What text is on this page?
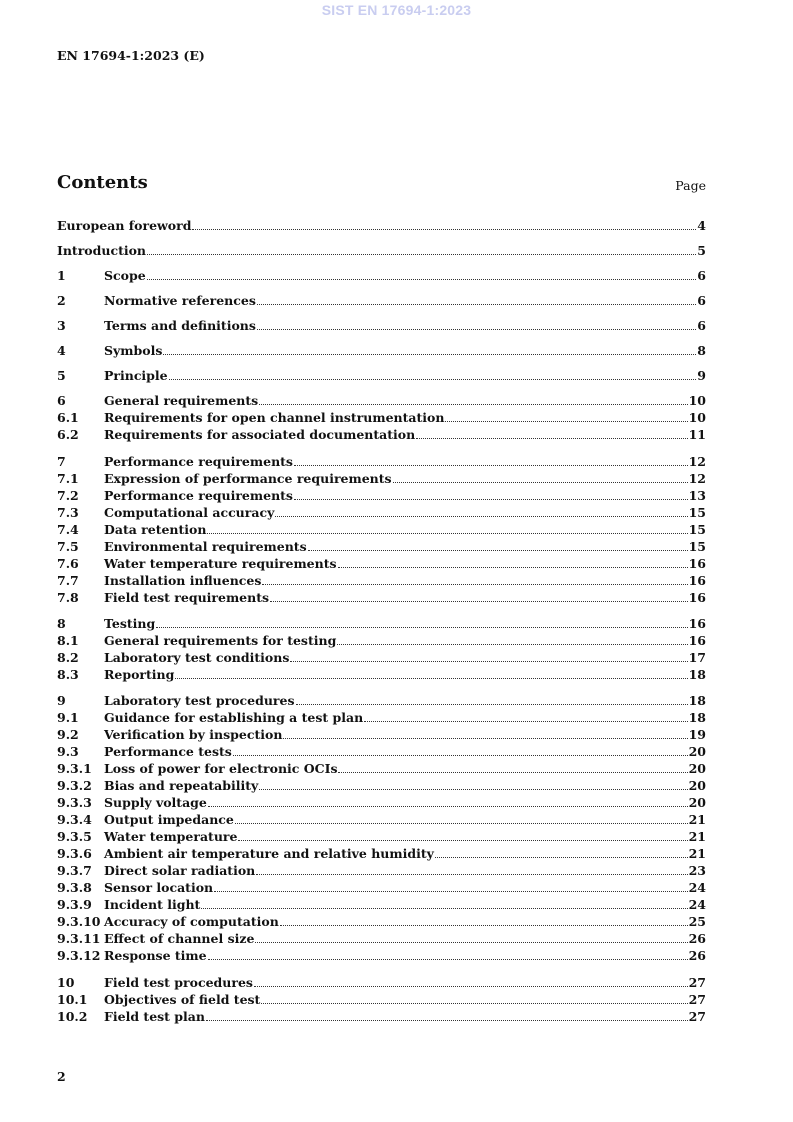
SIST EN 17694-1:2023
EN 17694-1:2023 (E)
Contents	Page
European foreword	4
Introduction	5
1	Scope	6
2	Normative references	6
3	Terms and definitions	6
4	Symbols	8
5	Principle	9
6	General requirements	10
6.1	Requirements for open channel instrumentation	10
6.2	Requirements for associated documentation	11
7	Performance requirements	12
7.1	Expression of performance requirements	12
7.2	Performance requirements	13
7.3	Computational accuracy	15
7.4	Data retention	15
7.5	Environmental requirements	15
7.6	Water temperature requirements	16
7.7	Installation influences	16
7.8	Field test requirements	16
8	Testing	16
8.1	General requirements for testing	16
8.2	Laboratory test conditions	17
8.3	Reporting	18
9	Laboratory test procedures	18
9.1	Guidance for establishing a test plan	18
9.2	Verification by inspection	19
9.3	Performance tests	20
9.3.1 Loss of power for electronic OCIs	20
9.3.2 Bias and repeatability	20
9.3.3 Supply voltage	20
9.3.4 Output impedance	21
9.3.5 Water temperature	21
9.3.6 Ambient air temperature and relative humidity	21
9.3.7 Direct solar radiation	23
9.3.8 Sensor location	24
9.3.9 Incident light	24
9.3.10 Accuracy of computation	25
9.3.11 Effect of channel size	26
9.3.12 Response time	26
10	Field test procedures	27
10.1	Objectives of field test	27
10.2	Field test plan	27
2
